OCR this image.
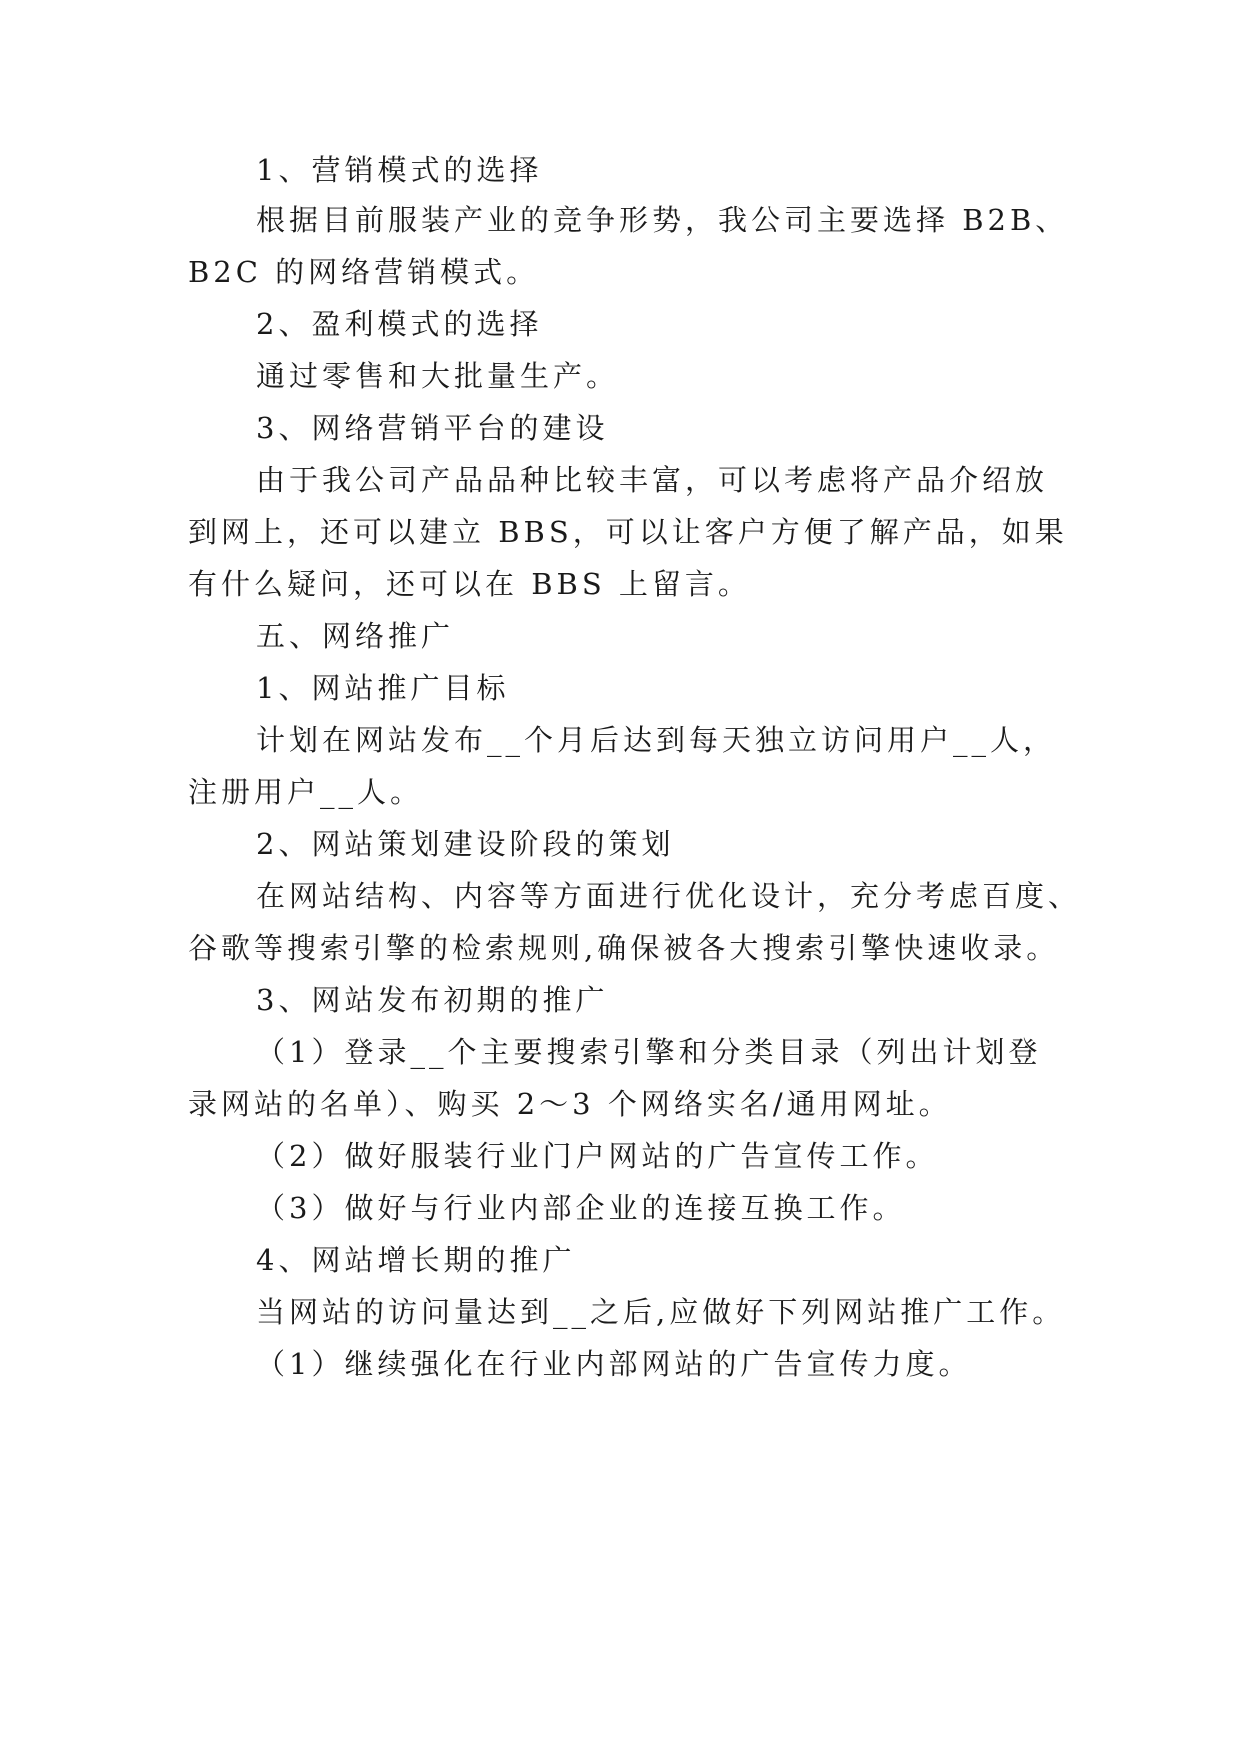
1、营销模式的选择
根据目前服装产业的竞争形势，我公司主要选择 B2B、
B2C 的网络营销模式。
2、盈利模式的选择
通过零售和大批量生产。
3、网络营销平台的建设
由于我公司产品品种比较丰富，可以考虑将产品介绍放
到网上，还可以建立 BBS，可以让客户方便了解产品，如果
有什么疑问，还可以在 BBS 上留言。
五、网络推广
1、网站推广目标
计划在网站发布__个月后达到每天独立访问用户__人，
注册用户__人。
2、网站策划建设阶段的策划
在网站结构、内容等方面进行优化设计，充分考虑百度、
谷歌等搜索引擎的检索规则,确保被各大搜索引擎快速收录。
3、网站发布初期的推广
（1）登录__个主要搜索引擎和分类目录（列出计划登
录网站的名单）、购买 2～3 个网络实名/通用网址。
（2）做好服装行业门户网站的广告宣传工作。
（3）做好与行业内部企业的连接互换工作。
4、网站增长期的推广
当网站的访问量达到__之后,应做好下列网站推广工作。
（1）继续强化在行业内部网站的广告宣传力度。
